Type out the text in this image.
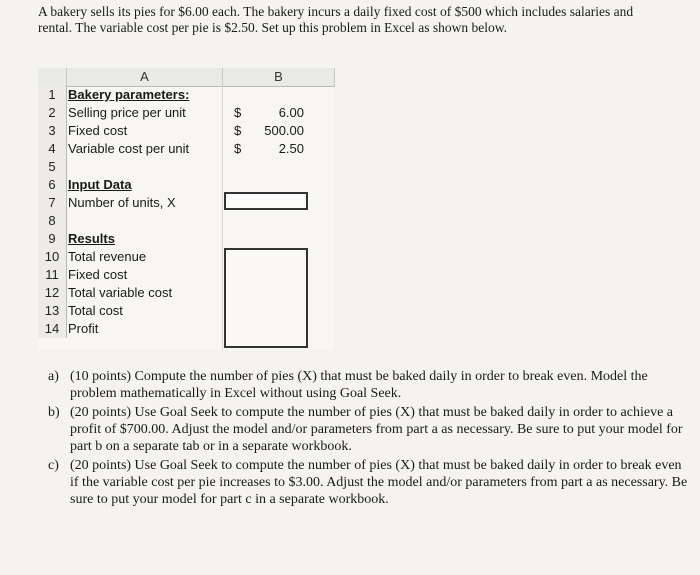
A bakery sells its pies for $6.00 each. The bakery incurs a daily fixed cost of $500 which includes salaries and rental. The variable cost per pie is $2.50. Set up this problem in Excel as shown below.
A	B
1 Bakery parameters:
2 Selling price per unit	$	6.00
3 Fixed cost	$ 500.00
4 Variable cost per unit	$	2.50
5
6 Input Data
7 Number of units, X
8
9 Results
10 Total revenue
11 Fixed cost
12 Total variable cost
13 Total cost
14 Profit
a) (10 points) Compute the number of pies (X) that must be baked daily in order to break even. Model the problem mathematically in Excel without using Goal Seek.
b) (20 points) Use Goal Seek to compute the number of pies (X) that must be baked daily in order to achieve a profit of $700.00. Adjust the model and/or parameters from part a as necessary. Be sure to put your model for part b on a separate tab or in a separate workbook.
c) (20 points) Use Goal Seek to compute the number of pies (X) that must be baked daily in order to break even if the variable cost per pie increases to $3.00. Adjust the model and/or parameters from part a as necessary. Be sure to put your model for part c in a separate workbook.
